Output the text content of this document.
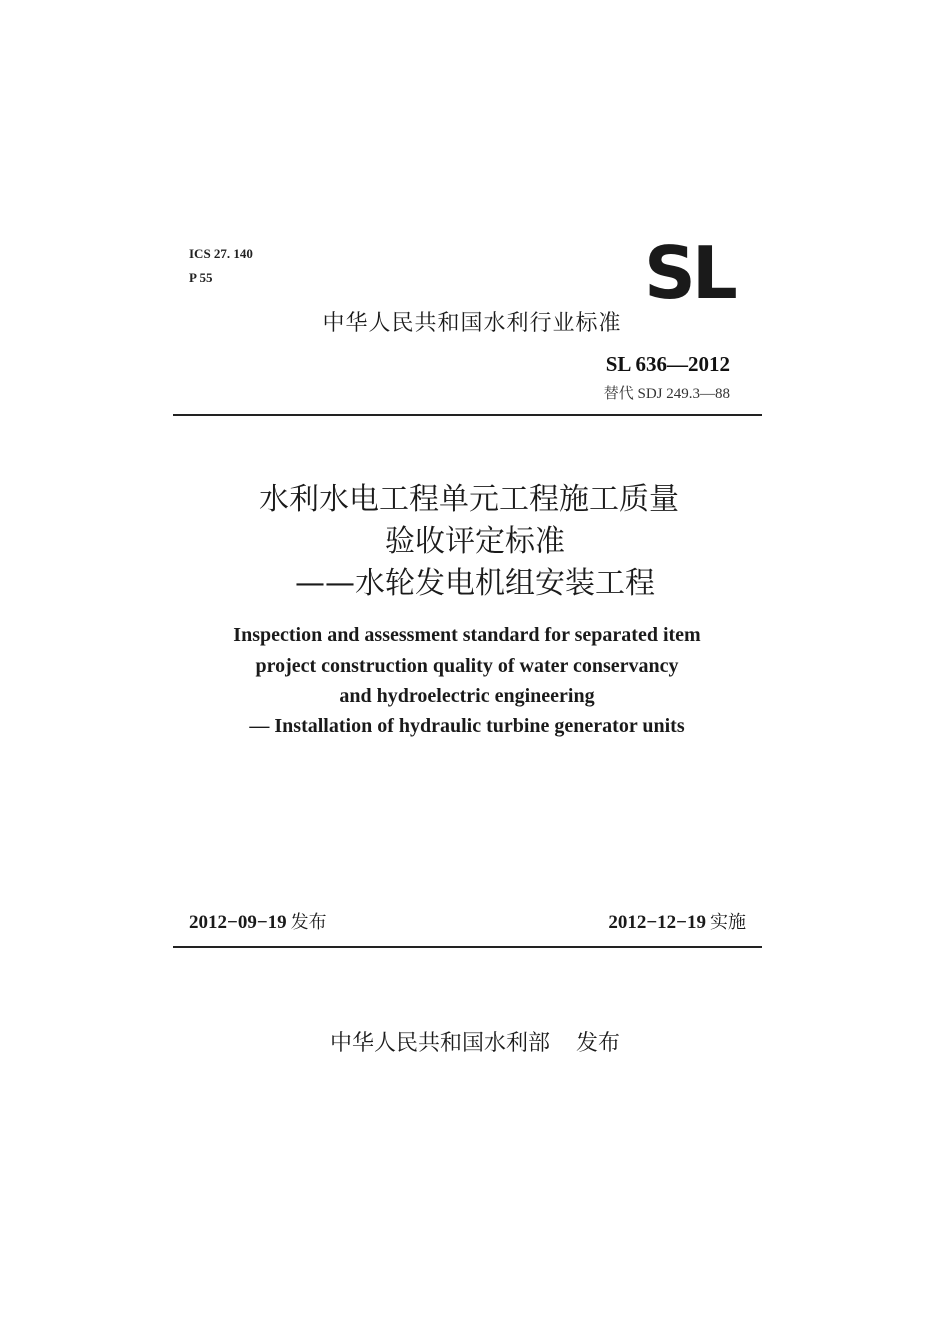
ICS 27. 140
P 55	SL
中华人民共和国水利行业标准
SL 636—2012
替代 SDJ 249.3—88
水利水电工程单元工程施工质量
验收评定标准
——水轮发电机组安装工程
Inspection and assessment standard for separated item
project construction quality of water conservancy
and hydroelectric engineering
— Installation of hydraulic turbine generator units
2012−09−19 发布	2012−12−19 实施
中华人民共和国水利部 发布
